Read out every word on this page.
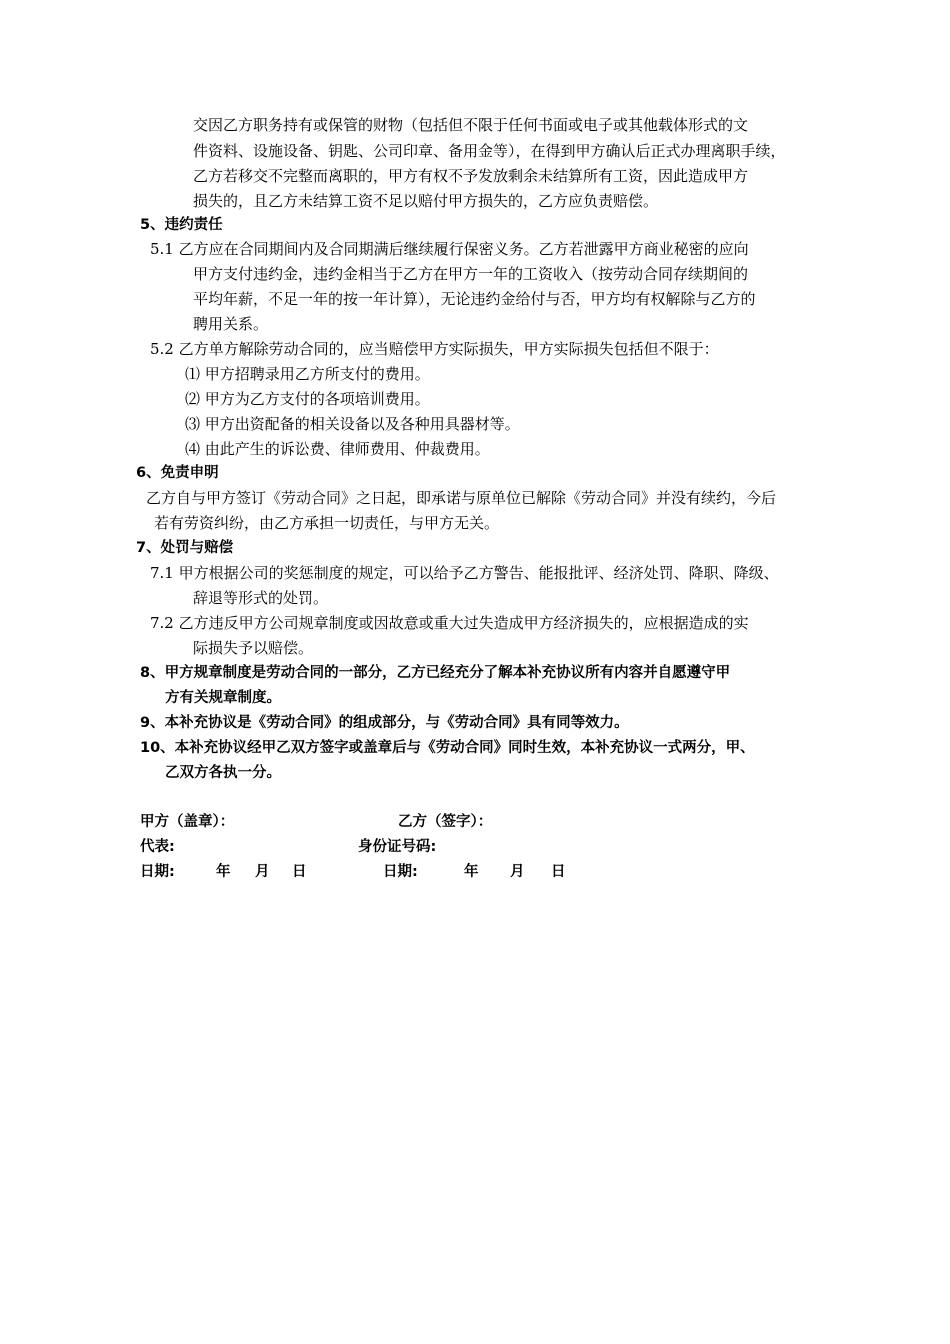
交因乙方职务持有或保管的财物（包括但不限于任何书面或电子或其他载体形式的文
件资料、设施设备、钥匙、公司印章、备用金等），在得到甲方确认后正式办理离职手续，
乙方若移交不完整而离职的，甲方有权不予发放剩余未结算所有工资，因此造成甲方
损失的，且乙方未结算工资不足以赔付甲方损失的，乙方应负责赔偿。
5、违约责任
5.1 乙方应在合同期间内及合同期满后继续履行保密义务。乙方若泄露甲方商业秘密的应向
甲方支付违约金，违约金相当于乙方在甲方一年的工资收入（按劳动合同存续期间的
平均年薪，不足一年的按一年计算），无论违约金给付与否，甲方均有权解除与乙方的
聘用关系。
5.2 乙方单方解除劳动合同的，应当赔偿甲方实际损失，甲方实际损失包括但不限于：
⑴ 甲方招聘录用乙方所支付的费用。
⑵ 甲方为乙方支付的各项培训费用。
⑶ 甲方出资配备的相关设备以及各种用具器材等。
⑷ 由此产生的诉讼费、律师费用、仲裁费用。
6、免责申明
乙方自与甲方签订《劳动合同》之日起，即承诺与原单位已解除《劳动合同》并没有续约，今后
若有劳资纠纷，由乙方承担一切责任，与甲方无关。
7、处罚与赔偿
7.1 甲方根据公司的奖惩制度的规定，可以给予乙方警告、能报批评、经济处罚、降职、降级、
辞退等形式的处罚。
7.2 乙方违反甲方公司规章制度或因故意或重大过失造成甲方经济损失的，应根据造成的实
际损失予以赔偿。
8、甲方规章制度是劳动合同的一部分，乙方已经充分了解本补充协议所有内容并自愿遵守甲
方有关规章制度。
9、本补充协议是《劳动合同》的组成部分，与《劳动合同》具有同等效力。
10、本补充协议经甲乙双方签字或盖章后与《劳动合同》同时生效，本补充协议一式两分，甲、
乙双方各执一分。
甲方（盖章）：	乙方（签字）：
代表:	身份证号码:
日期:	年 月 日	日期:	年 月 日
